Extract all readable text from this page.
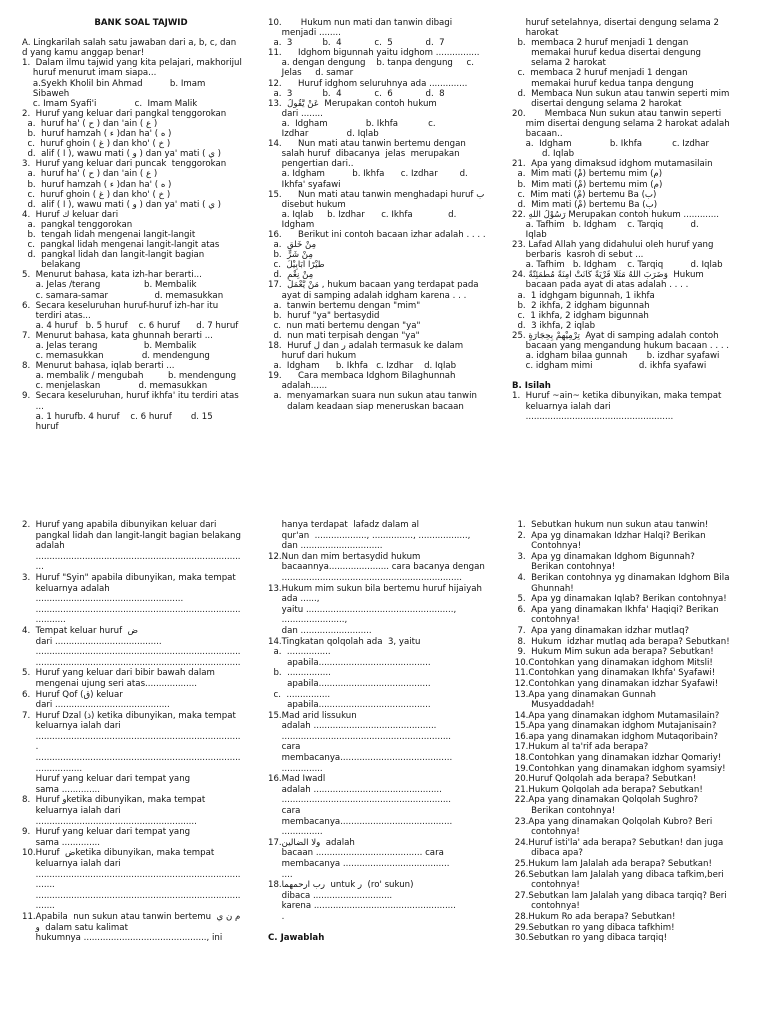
BANK SOAL TAJWID

A. Lingkarilah salah satu jawaban dari a, b, c, dan
d yang kamu anggap benar!
1.  Dalam ilmu tajwid yang kita pelajari, makhorijul
huruf menurut imam siapa...
a.Syekh Kholil bin Ahmad          b. Imam
Sibaweh
c. Imam Syafi'i              c.  Imam Malik
2.  Huruf yang keluar dari pangkal tenggorokan
a.  huruf ha' ( ح ) dan 'ain ( ع )
b.  huruf hamzah ( ء )dan ha' ( ه )
c.  huruf ghoin ( غ ) dan kho' ( خ )
d.  alif ( ا ), wawu mati ( و ) dan ya' mati ( ي )
3.  Huruf yang keluar dari puncak  tenggorokan
a.  huruf ha' ( ح ) dan 'ain ( ع )
b.  huruf hamzah ( ء )dan ha' ( ه )
c.  huruf ghoin ( غ ) dan kho' ( خ )
d.  alif ( ا ), wawu mati ( و ) dan ya' mati ( ي )
4.  Huruf ك keluar dari
a.  pangkal tenggorokan
b.  tengah lidah mengenai langit-langit
c.  pangkal lidah mengenai langit-langit atas
d.  pangkal lidah dan langit-langit bagian
belakang
5.  Menurut bahasa, kata izh-har berarti...
a. Jelas /terang                b. Membalik
c. samara-samar                 d. memasukkan
6.  Secara keseluruhan huruf-huruf izh-har itu
terdiri atas...
a. 4 huruf   b. 5 huruf    c. 6 huruf      d. 7 huruf
7.  Menurut bahasa, kata ghunnah berarti ...
a. Jelas terang                 b. Membalik
c. memasukkan              d. mendengung
8.  Menurut bahasa, iqlab berarti ...
a. membalik / mengubah         b. mendengung
c. menjelaskan              d. memasukkan
9.  Secara keseluruhan, huruf ikhfa' itu terdiri atas
...
a. 1 hurufb. 4 huruf    c. 6 huruf       d. 15
huruf
10.       Hukum nun mati dan tanwin dibagi
menjadi ........
a.  3           b.  4            c.  5            d.  7
11.      Idghom bigunnah yaitu idghom ................
a. dengan dengung    b. tanpa dengung     c.
Jelas     d. samar
12.      Huruf idghom seluruhnya ada ..............
a.  3           b.  4            c.  6            d.  8
13.  عَنْ يَّقُولُ  Merupakan contoh hukum
dari ........
a.  Idgham              b. Ikhfa           c.
Izdhar              d. Iqlab
14.      Nun mati atau tanwin bertemu dengan
salah huruf  dibacanya  jelas  merupakan
pengertian dari..
a. Idgham          b. Ikhfa      c. Izdhar        d.
Ikhfa' syafawi
15.      Nun mati atau tanwin menghadapi huruf ب
disebut hukum
a. Iqlab     b. Izdhar      c. Ikhfa             d.
Idgham
16.      Berikut ini contoh bacaan izhar adalah . . . .
a.  مِنْ خَلْقٍ
b.  مِنْ شَرٍّ
c.  طَيْرًا أَبَابِيْلَ
d.  مِنْ نِعْمٍ
17.  مَنْ يَّعْمَلْ , hukum bacaan yang terdapat pada
ayat di samping adalah idgham karena . . .
a.  tanwin bertemu dengan "mim"
b.  huruf "ya" bertasydid
c.  nun mati bertemu dengan "ya"
d.  nun mati terpisah dengan "ya"
18.  Huruf ل dan ر adalah termasuk ke dalam
huruf dari hukum
a.  Idgham      b. Ikhfa   c. Izdhar    d. Iqlab
19.      Cara membaca Idghom Bilaghunnah
adalah......
a.  menyamarkan suara nun sukun atau tanwin
dalam keadaan siap meneruskan bacaan
huruf setelahnya, disertai dengung selama 2
harokat
b.  membaca 2 huruf menjadi 1 dengan
memakai huruf kedua disertai dengung
selama 2 harokat
c.  membaca 2 huruf menjadi 1 dengan
memakai huruf kedua tanpa dengung
d.  Membaca Nun sukun atau tanwin seperti mim
disertai dengung selama 2 harokat
20.       Membaca Nun sukun atau tanwin seperti
mim disertai dengung selama 2 harokat adalah
bacaan..
a.  Idgham              b. Ikhfa           c. Izdhar
d. Iqlab
21.  Apa yang dimaksud idghom mutamasilain
a.  Mim mati (مْ) bertemu mim (م)
b.  Mim mati (مْ) bertemu mim (م)
c.  Mim mati (مْ) bertemu Ba (ب)
d.  Mim mati (مْ) bertemu Ba (ب)
22. رَسُوْلُ اللهِ Merupakan contoh hukum .............
a. Tafhim   b. Idgham    c. Tarqiq          d.
Iqlab
23. Lafad Allah yang didahului oleh huruf yang
berbaris  kasroh di sebut ...
a. Tafhim   b. Idgham    c. Tarqiq          d. Iqlab
24. وَضَرَبَ اللهُ مَثَلًا قَرْيَةً كَانَتْ آمِنَةً مُطْمَئِنَّةً  Hukum
bacaan pada ayat di atas adalah . . . .
a.  1 idghgam bigunnah, 1 ikhfa
b.  2 ikhfa, 2 idgham bigunnah
c.  1 ikhfa, 2 idgham bigunnah
d.  3 ikhfa, 2 iqlab
25. تِرْمِيْهِمْ بِحِجَارَةٍ  Ayat di samping adalah contoh
bacaan yang mengandung hukum bacaan . . . .
a. idgham bilaa gunnah       b. izdhar syafawi
c. idgham mimi                 d. ikhfa syafawi

B. Isilah
1.  Huruf ~ain~ ketika dibunyikan, maka tempat
keluarnya ialah dari
......................................................
2.  Huruf yang apabila dibunyikan keluar dari
pangkal lidah dan langit-langit bagian belakang
adalah
...........................................................................
...
3.  Huruf "Syin" apabila dibunyikan, maka tempat
keluarnya adalah
......................................................
...........................................................................
...........
4.  Tempat keluar huruf  ض
dari .......................................
...........................................................................
...........................................................................
5.  Huruf yang keluar dari bibir bawah dalam
mengenai ujung seri atas...................
6.  Huruf Qof (ق) keluar
dari ..........................................
7.  Huruf Dzal (ذ) ketika dibunyikan, maka tempat
keluarnya ialah dari
...........................................................................
.
...........................................................................
.................
Huruf yang keluar dari tempat yang
sama ..............
8.  Huruf وketika dibunyikan, maka tempat
keluarnya ialah dari
...........................................................
9.  Huruf yang keluar dari tempat yang
sama ..............
10.Huruf  ضketika dibunyikan, maka tempat
keluarnya ialah dari
...........................................................................
.......
...........................................................................
.......
11.Apabila  nun sukun atau tanwin bertemu  م ن ي
و  dalam satu kalimat
hukumnya ............................................., ini
hanya terdapat  lafadz dalam al
qur'an  ..................., ..............., ..................,
dan ..............................
12.Nun dan mim bertasydid hukum
bacaannya...................... cara bacanya dengan
..................................................................
13.Hukum mim sukun bila bertemu huruf hijaiyah
ada ......,
yaitu ......................................................,
.......................,
dan ..........................
14.Tingkatan qolqolah ada  3, yaitu
a.  ................
apabila.........................................
b.  ................
apabila.........................................
c.  ................
apabila.........................................
15.Mad arid lissukun
adalah .............................................
..............................................................
cara
membacanya.........................................
...............
16.Mad Iwadl
adalah ...............................................
..............................................................
cara
membacanya.........................................
...............
17.ولا الضالين  adalah
bacaan ....................................... cara
membacanya .......................................
....
18.رب ارحمهما  untuk ر  (ro' sukun)
dibaca .............................
karena ....................................................
.

C. Jawablah
1.  Sebutkan hukum nun sukun atau tanwin!
2.  Apa yg dinamakan Idzhar Halqi? Berikan
Contohnya!
3.  Apa yg dinamakan Idghom Bigunnah?
Berikan contohnya!
4.  Berikan contohnya yg dinamakan Idghom Bila
Ghunnah!
5.  Apa yg dinamakan Iqlab? Berikan contohnya!
6.  Apa yang dinamakan Ikhfa' Haqiqi? Berikan
contohnya!
7.  Apa yang dinamakan idzhar mutlaq?
8.  Hukum  idzhar mutlaq ada berapa? Sebutkan!
9.  Hukum Mim sukun ada berapa? Sebutkan!
10.Contohkan yang dinamakan idghom Mitsli!
11.Contohkan yang dinamakan Ikhfa' Syafawi!
12.Contohkan yang dinamakan idzhar Syafawi!
13.Apa yang dinamakan Gunnah
Musyaddadah!
14.Apa yang dinamakan idghom Mutamasilain?
15.Apa yang dinamakan idghom Mutajanisain?
16.apa yang dinamakan idghom Mutaqoribain?
17.Hukum al ta'rif ada berapa?
18.Contohkan yang dinamakan idzhar Qomariy!
19.Contohkan yang dinamakan idghom syamsiy!
20.Huruf Qolqolah ada berapa? Sebutkan!
21.Hukum Qolqolah ada berapa? Sebutkan!
22.Apa yang dinamakan Qolqolah Sughro?
Berikan contohnya!
23.Apa yang dinamakan Qolqolah Kubro? Beri
contohnya!
24.Huruf isti'la' ada berapa? Sebutkan! dan juga
dibaca apa?
25.Hukum lam Jalalah ada berapa? Sebutkan!
26.Sebutkan lam Jalalah yang dibaca tafkim,beri
contohnya!
27.Sebutkan lam Jalalah yang dibaca tarqiq? Beri
contohnya!
28.Hukum Ro ada berapa? Sebutkan!
29.Sebutkan ro yang dibaca tafkhim!
30.Sebutkan ro yang dibaca tarqiq!
